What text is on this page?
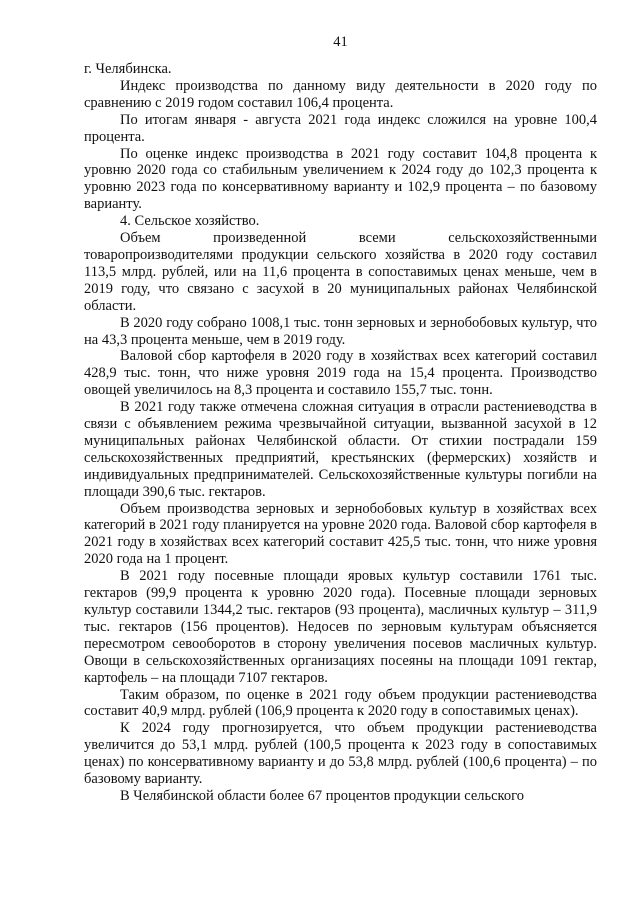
41

г. Челябинска.

Индекс производства по данному виду деятельности в 2020 году по сравнению с 2019 годом составил 106,4 процента.

По итогам января - августа 2021 года индекс сложился на уровне 100,4 процента.

По оценке индекс производства в 2021 году составит 104,8 процента к уровню 2020 года со стабильным увеличением к 2024 году до 102,3 процента к уровню 2023 года по консервативному варианту и 102,9 процента – по базовому варианту.

4. Сельское хозяйство.

Объем произведенной всеми сельскохозяйственными товаропроизводителями продукции сельского хозяйства в 2020 году составил 113,5 млрд. рублей, или на 11,6 процента в сопоставимых ценах меньше, чем в 2019 году, что связано с засухой в 20 муниципальных районах Челябинской области.

В 2020 году собрано 1008,1 тыс. тонн зерновых и зернобобовых культур, что на 43,3 процента меньше, чем в 2019 году.

Валовой сбор картофеля в 2020 году в хозяйствах всех категорий составил 428,9 тыс. тонн, что ниже уровня 2019 года на 15,4 процента. Производство овощей увеличилось на 8,3 процента и составило 155,7 тыс. тонн.

В 2021 году также отмечена сложная ситуация в отрасли растениеводства в связи с объявлением режима чрезвычайной ситуации, вызванной засухой в 12 муниципальных районах Челябинской области. От стихии пострадали 159 сельскохозяйственных предприятий, крестьянских (фермерских) хозяйств и индивидуальных предпринимателей. Сельскохозяйственные культуры погибли на площади 390,6 тыс. гектаров.

Объем производства зерновых и зернобобовых культур в хозяйствах всех категорий в 2021 году планируется на уровне 2020 года. Валовой сбор картофеля в 2021 году в хозяйствах всех категорий составит 425,5 тыс. тонн, что ниже уровня 2020 года на 1 процент.

В 2021 году посевные площади яровых культур составили 1761 тыс. гектаров (99,9 процента к уровню 2020 года). Посевные площади зерновых культур составили 1344,2 тыс. гектаров (93 процента), масличных культур – 311,9 тыс. гектаров (156 процентов). Недосев по зерновым культурам объясняется пересмотром севооборотов в сторону увеличения посевов масличных культур. Овощи в сельскохозяйственных организациях посеяны на площади 1091 гектар, картофель – на площади 7107 гектаров.

Таким образом, по оценке в 2021 году объем продукции растениеводства составит 40,9 млрд. рублей (106,9 процента к 2020 году в сопоставимых ценах).

К 2024 году прогнозируется, что объем продукции растениеводства увеличится до 53,1 млрд. рублей (100,5 процента к 2023 году в сопоставимых ценах) по консервативному варианту и до 53,8 млрд. рублей (100,6 процента) – по базовому варианту.

В Челябинской области более 67 процентов продукции сельского
